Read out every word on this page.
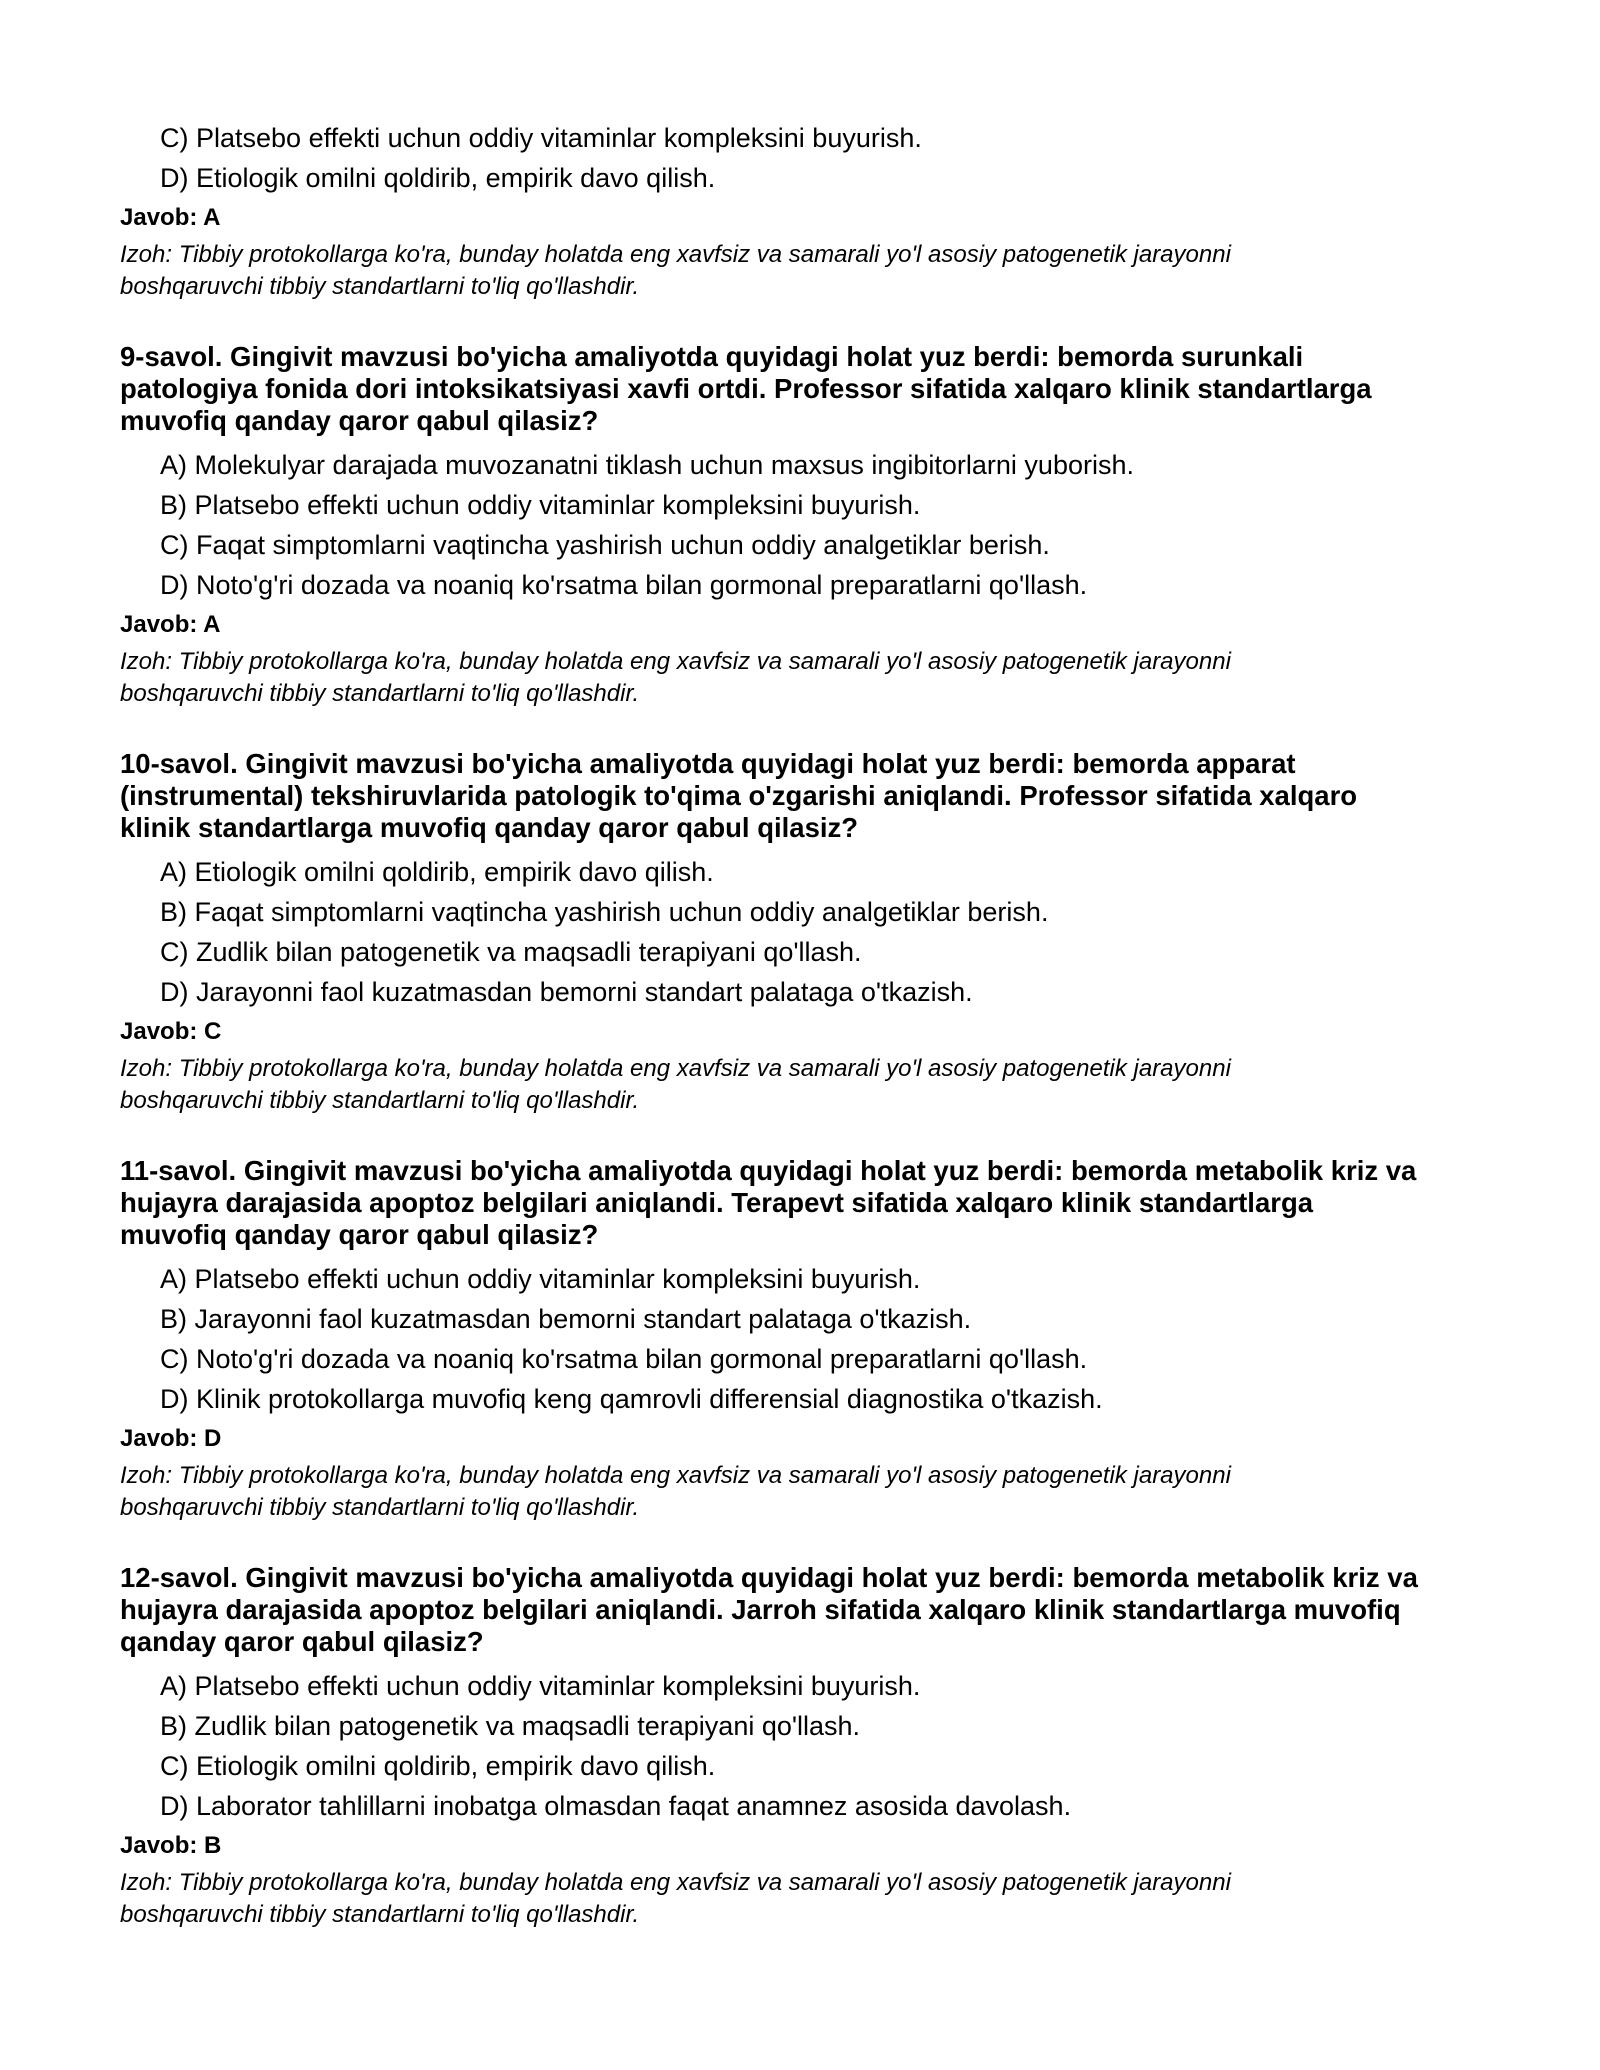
C) Platsebo effekti uchun oddiy vitaminlar kompleksini buyurish.
D) Etiologik omilni qoldirib, empirik davo qilish.
Javob: A
Izoh: Tibbiy protokollarga ko'ra, bunday holatda eng xavfsiz va samarali yo'l asosiy patogenetik jarayonni
boshqaruvchi tibbiy standartlarni to'liq qo'llashdir.
9-savol. Gingivit mavzusi bo'yicha amaliyotda quyidagi holat yuz berdi: bemorda surunkali
patologiya fonida dori intoksikatsiyasi xavfi ortdi. Professor sifatida xalqaro klinik standartlarga
muvofiq qanday qaror qabul qilasiz?
A) Molekulyar darajada muvozanatni tiklash uchun maxsus ingibitorlarni yuborish.
B) Platsebo effekti uchun oddiy vitaminlar kompleksini buyurish.
C) Faqat simptomlarni vaqtincha yashirish uchun oddiy analgetiklar berish.
D) Noto'g'ri dozada va noaniq ko'rsatma bilan gormonal preparatlarni qo'llash.
Javob: A
Izoh: Tibbiy protokollarga ko'ra, bunday holatda eng xavfsiz va samarali yo'l asosiy patogenetik jarayonni
boshqaruvchi tibbiy standartlarni to'liq qo'llashdir.
10-savol. Gingivit mavzusi bo'yicha amaliyotda quyidagi holat yuz berdi: bemorda apparat
(instrumental) tekshiruvlarida patologik to'qima o'zgarishi aniqlandi. Professor sifatida xalqaro
klinik standartlarga muvofiq qanday qaror qabul qilasiz?
A) Etiologik omilni qoldirib, empirik davo qilish.
B) Faqat simptomlarni vaqtincha yashirish uchun oddiy analgetiklar berish.
C) Zudlik bilan patogenetik va maqsadli terapiyani qo'llash.
D) Jarayonni faol kuzatmasdan bemorni standart palataga o'tkazish.
Javob: C
Izoh: Tibbiy protokollarga ko'ra, bunday holatda eng xavfsiz va samarali yo'l asosiy patogenetik jarayonni
boshqaruvchi tibbiy standartlarni to'liq qo'llashdir.
11-savol. Gingivit mavzusi bo'yicha amaliyotda quyidagi holat yuz berdi: bemorda metabolik kriz va
hujayra darajasida apoptoz belgilari aniqlandi. Terapevt sifatida xalqaro klinik standartlarga
muvofiq qanday qaror qabul qilasiz?
A) Platsebo effekti uchun oddiy vitaminlar kompleksini buyurish.
B) Jarayonni faol kuzatmasdan bemorni standart palataga o'tkazish.
C) Noto'g'ri dozada va noaniq ko'rsatma bilan gormonal preparatlarni qo'llash.
D) Klinik protokollarga muvofiq keng qamrovli differensial diagnostika o'tkazish.
Javob: D
Izoh: Tibbiy protokollarga ko'ra, bunday holatda eng xavfsiz va samarali yo'l asosiy patogenetik jarayonni
boshqaruvchi tibbiy standartlarni to'liq qo'llashdir.
12-savol. Gingivit mavzusi bo'yicha amaliyotda quyidagi holat yuz berdi: bemorda metabolik kriz va
hujayra darajasida apoptoz belgilari aniqlandi. Jarroh sifatida xalqaro klinik standartlarga muvofiq
qanday qaror qabul qilasiz?
A) Platsebo effekti uchun oddiy vitaminlar kompleksini buyurish.
B) Zudlik bilan patogenetik va maqsadli terapiyani qo'llash.
C) Etiologik omilni qoldirib, empirik davo qilish.
D) Laborator tahlillarni inobatga olmasdan faqat anamnez asosida davolash.
Javob: B
Izoh: Tibbiy protokollarga ko'ra, bunday holatda eng xavfsiz va samarali yo'l asosiy patogenetik jarayonni
boshqaruvchi tibbiy standartlarni to'liq qo'llashdir.
